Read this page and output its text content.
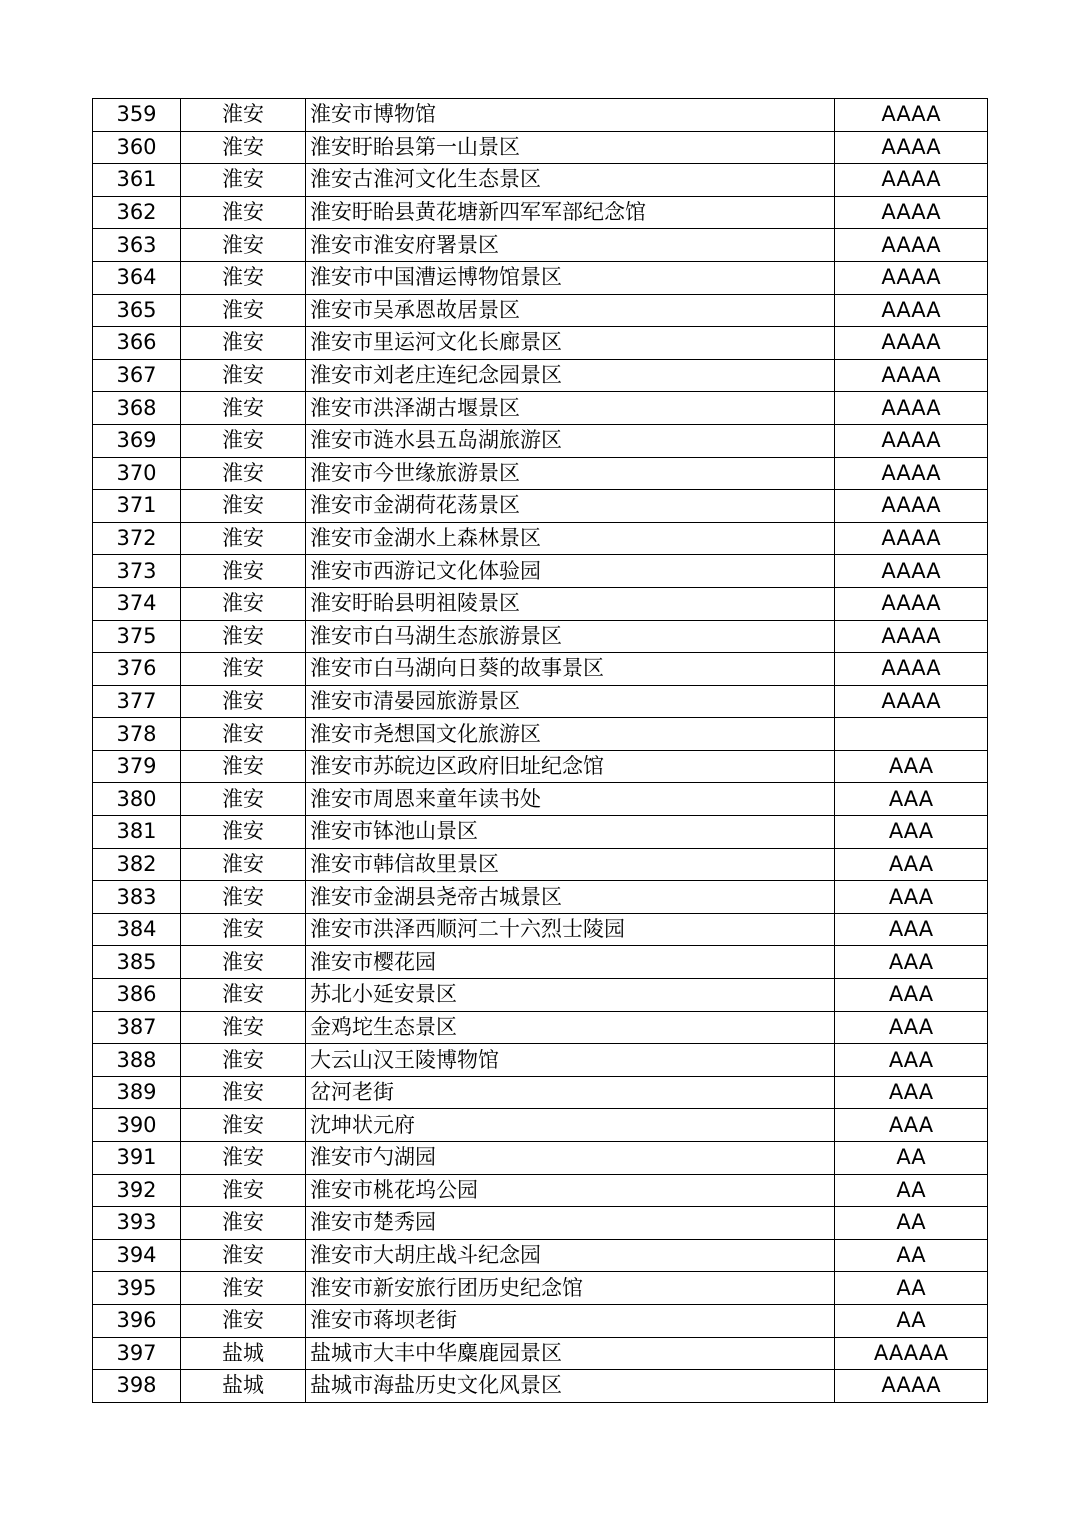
359	淮安	淮安市博物馆	AAAA
360	淮安	淮安盱眙县第一山景区	AAAA
361	淮安	淮安古淮河文化生态景区	AAAA
362	淮安	淮安盱眙县黄花塘新四军军部纪念馆	AAAA
363	淮安	淮安市淮安府署景区	AAAA
364	淮安	淮安市中国漕运博物馆景区	AAAA
365	淮安	淮安市吴承恩故居景区	AAAA
366	淮安	淮安市里运河文化长廊景区	AAAA
367	淮安	淮安市刘老庄连纪念园景区	AAAA
368	淮安	淮安市洪泽湖古堰景区	AAAA
369	淮安	淮安市涟水县五岛湖旅游区	AAAA
370	淮安	淮安市今世缘旅游景区	AAAA
371	淮安	淮安市金湖荷花荡景区	AAAA
372	淮安	淮安市金湖水上森林景区	AAAA
373	淮安	淮安市西游记文化体验园	AAAA
374	淮安	淮安盱眙县明祖陵景区	AAAA
375	淮安	淮安市白马湖生态旅游景区	AAAA
376	淮安	淮安市白马湖向日葵的故事景区	AAAA
377	淮安	淮安市清晏园旅游景区	AAAA
378	淮安	淮安市尧想国文化旅游区	
379	淮安	淮安市苏皖边区政府旧址纪念馆	AAA
380	淮安	淮安市周恩来童年读书处	AAA
381	淮安	淮安市钵池山景区	AAA
382	淮安	淮安市韩信故里景区	AAA
383	淮安	淮安市金湖县尧帝古城景区	AAA
384	淮安	淮安市洪泽西顺河二十六烈士陵园	AAA
385	淮安	淮安市樱花园	AAA
386	淮安	苏北小延安景区	AAA
387	淮安	金鸡坨生态景区	AAA
388	淮安	大云山汉王陵博物馆	AAA
389	淮安	岔河老街	AAA
390	淮安	沈坤状元府	AAA
391	淮安	淮安市勺湖园	AA
392	淮安	淮安市桃花坞公园	AA
393	淮安	淮安市楚秀园	AA
394	淮安	淮安市大胡庄战斗纪念园	AA
395	淮安	淮安市新安旅行团历史纪念馆	AA
396	淮安	淮安市蒋坝老街	AA
397	盐城	盐城市大丰中华麋鹿园景区	AAAAA
398	盐城	盐城市海盐历史文化风景区	AAAA
